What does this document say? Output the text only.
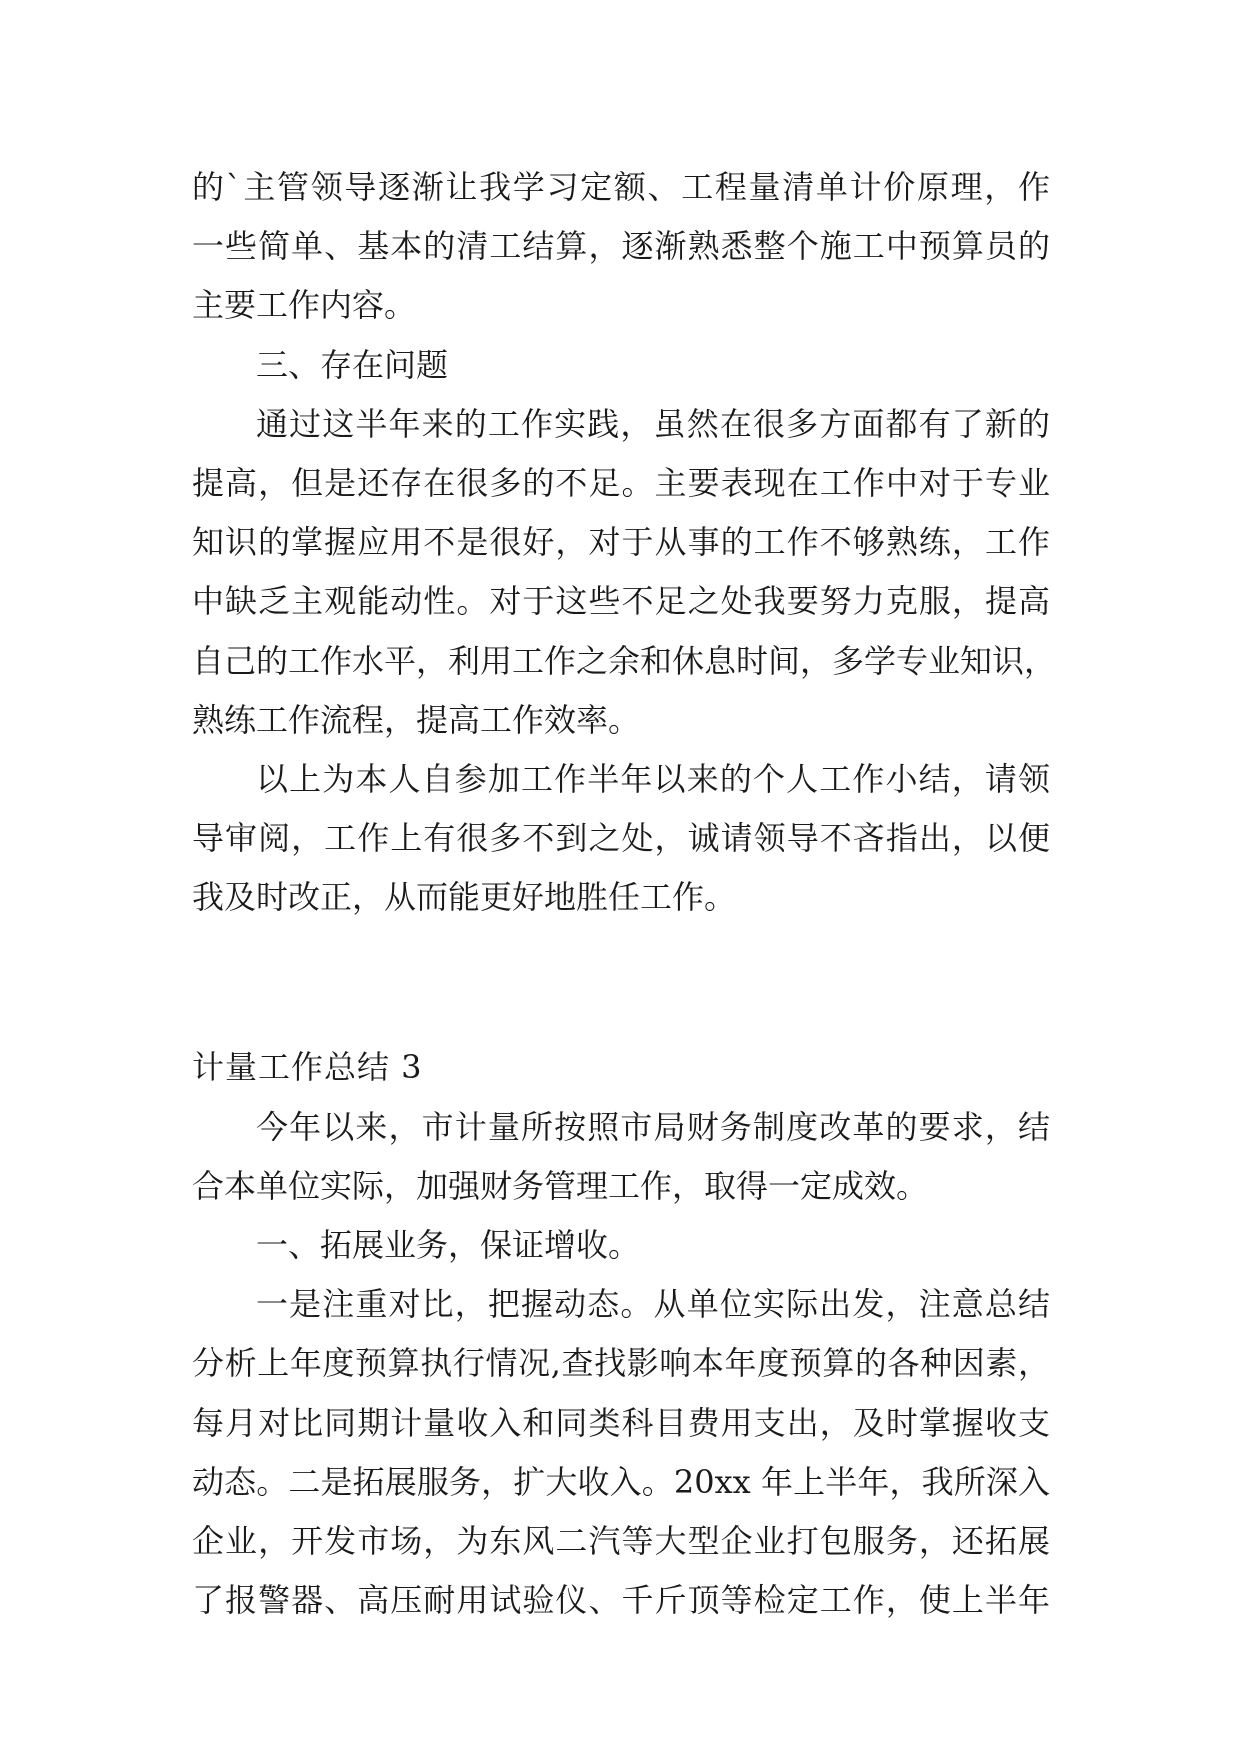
的`主管领导逐渐让我学习定额、工程量清单计价原理，作
一些简单、基本的清工结算，逐渐熟悉整个施工中预算员的
主要工作内容。
三、存在问题
通过这半年来的工作实践，虽然在很多方面都有了新的
提高，但是还存在很多的不足。主要表现在工作中对于专业
知识的掌握应用不是很好，对于从事的工作不够熟练，工作
中缺乏主观能动性。对于这些不足之处我要努力克服，提高
自己的工作水平，利用工作之余和休息时间，多学专业知识，
熟练工作流程，提高工作效率。
以上为本人自参加工作半年以来的个人工作小结，请领
导审阅，工作上有很多不到之处，诚请领导不吝指出，以便
我及时改正，从而能更好地胜任工作。
计量工作总结 3
今年以来，市计量所按照市局财务制度改革的要求，结
合本单位实际，加强财务管理工作，取得一定成效。
一、拓展业务，保证增收。
一是注重对比，把握动态。从单位实际出发，注意总结
分析上年度预算执行情况,查找影响本年度预算的各种因素，
每月对比同期计量收入和同类科目费用支出，及时掌握收支
动态。二是拓展服务，扩大收入。20xx 年上半年，我所深入
企业，开发市场，为东风二汽等大型企业打包服务，还拓展
了报警器、高压耐用试验仪、千斤顶等检定工作，使上半年
